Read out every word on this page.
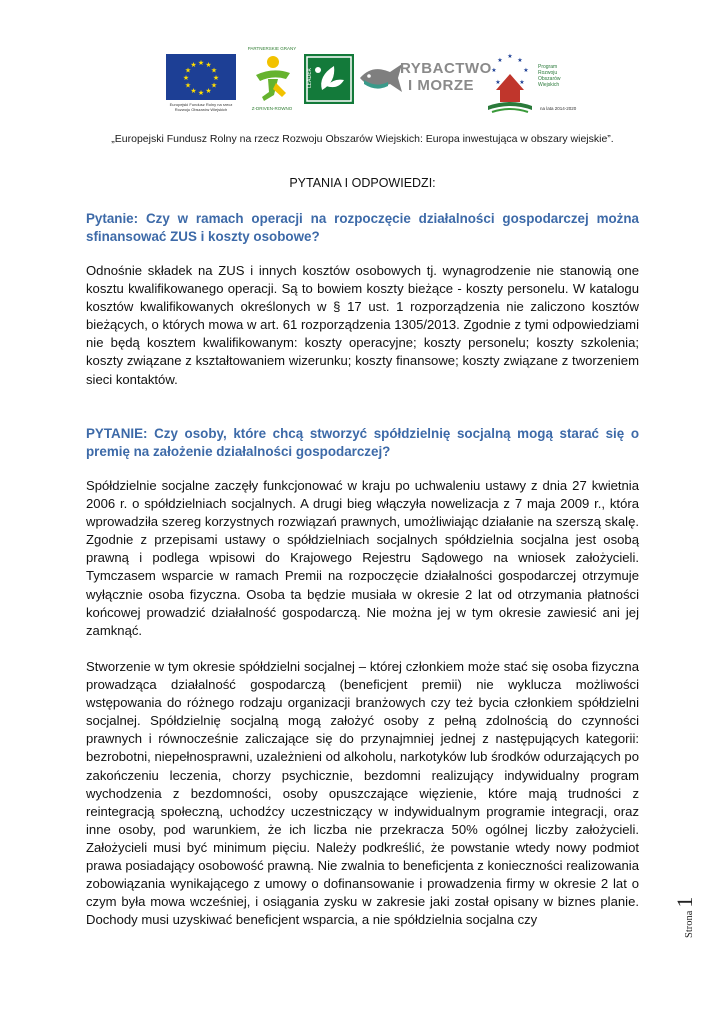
★ ★
★
★
★
★
★
★
★
★
★
★
Europejski Fundusz Rolny na rzecz Rozwoju Obszarów Wiejskich
PARTNERSKIE GRANY
Z-DRIVEN-ROWNO
LEADER	RYBACTWO
I MORZE
★
★
★
★
★
★
★
Program
Rozwoju
Obszarów
Wiejskich
na lata 2014-2020
„Europejski Fundusz Rolny na rzecz Rozwoju Obszarów Wiejskich: Europa inwestująca w obszary wiejskie”.
PYTANIA I ODPOWIEDZI:

Pytanie: Czy w ramach operacji na rozpoczęcie działalności gospodarczej można sfinansować ZUS i koszty osobowe?

Odnośnie składek na ZUS i innych kosztów osobowych tj. wynagrodzenie nie stanowią one kosztu kwalifikowanego operacji. Są to bowiem koszty bieżące - koszty personelu. W katalogu kosztów kwalifikowanych określonych w § 17 ust. 1 rozporządzenia nie zaliczono kosztów bieżących, o których mowa w art. 61 rozporządzenia 1305/2013. Zgodnie z tymi odpowiedziami nie będą kosztem kwalifikowanym: koszty operacyjne; koszty personelu; koszty szkolenia; koszty związane z kształtowaniem wizerunku; koszty finansowe; koszty związane z tworzeniem sieci kontaktów.

PYTANIE: Czy osoby, które chcą stworzyć spółdzielnię socjalną mogą starać się o premię na założenie działalności gospodarczej?

Spółdzielnie socjalne zaczęły funkcjonować w kraju po uchwaleniu ustawy z dnia 27 kwietnia 2006 r. o spółdzielniach socjalnych. A drugi bieg włączyła nowelizacja z 7 maja 2009 r., która wprowadziła szereg korzystnych rozwiązań prawnych, umożliwiając działanie na szerszą skalę. Zgodnie z przepisami ustawy o spółdzielniach socjalnych spółdzielnia socjalna jest osobą prawną i podlega wpisowi do Krajowego Rejestru Sądowego na wniosek założycieli. Tymczasem wsparcie w ramach Premii na rozpoczęcie działalności gospodarczej otrzymuje wyłącznie osoba fizyczna. Osoba ta będzie musiała w okresie 2 lat od otrzymania płatności końcowej prowadzić działalność gospodarczą. Nie można jej w tym okresie zawiesić ani jej zamknąć.

Stworzenie w tym okresie spółdzielni socjalnej – której członkiem może stać się osoba fizyczna prowadząca działalność gospodarczą (beneficjent premii) nie wyklucza możliwości wstępowania do różnego rodzaju organizacji branżowych czy też bycia członkiem spółdzielni socjalnej. Spółdzielnię socjalną mogą założyć osoby z pełną zdolnością do czynności prawnych i równocześnie zaliczające się do przynajmniej jednej z następujących kategorii: bezrobotni, niepełnosprawni, uzależnieni od alkoholu, narkotyków lub środków odurzających po zakończeniu leczenia, chorzy psychicznie, bezdomni realizujący indywidualny program wychodzenia z bezdomności, osoby opuszczające więzienie, które mają trudności z reintegracją społeczną, uchodźcy uczestniczący w indywidualnym programie integracji, oraz inne osoby, pod warunkiem, że ich liczba nie przekracza 50% ogólnej liczby założycieli. Założycieli musi być minimum pięciu. Należy podkreślić, że powstanie wtedy nowy podmiot prawa posiadający osobowość prawną. Nie zwalnia to beneficjenta z konieczności realizowania zobowiązania wynikającego z umowy o dofinansowanie i prowadzenia firmy w okresie 2 lat o czym była mowa wcześniej, i osiągania zysku w zakresie jaki został opisany w biznes planie. Dochody musi uzyskiwać beneficjent wsparcia, a nie spółdzielnia socjalna czy	Strona1
